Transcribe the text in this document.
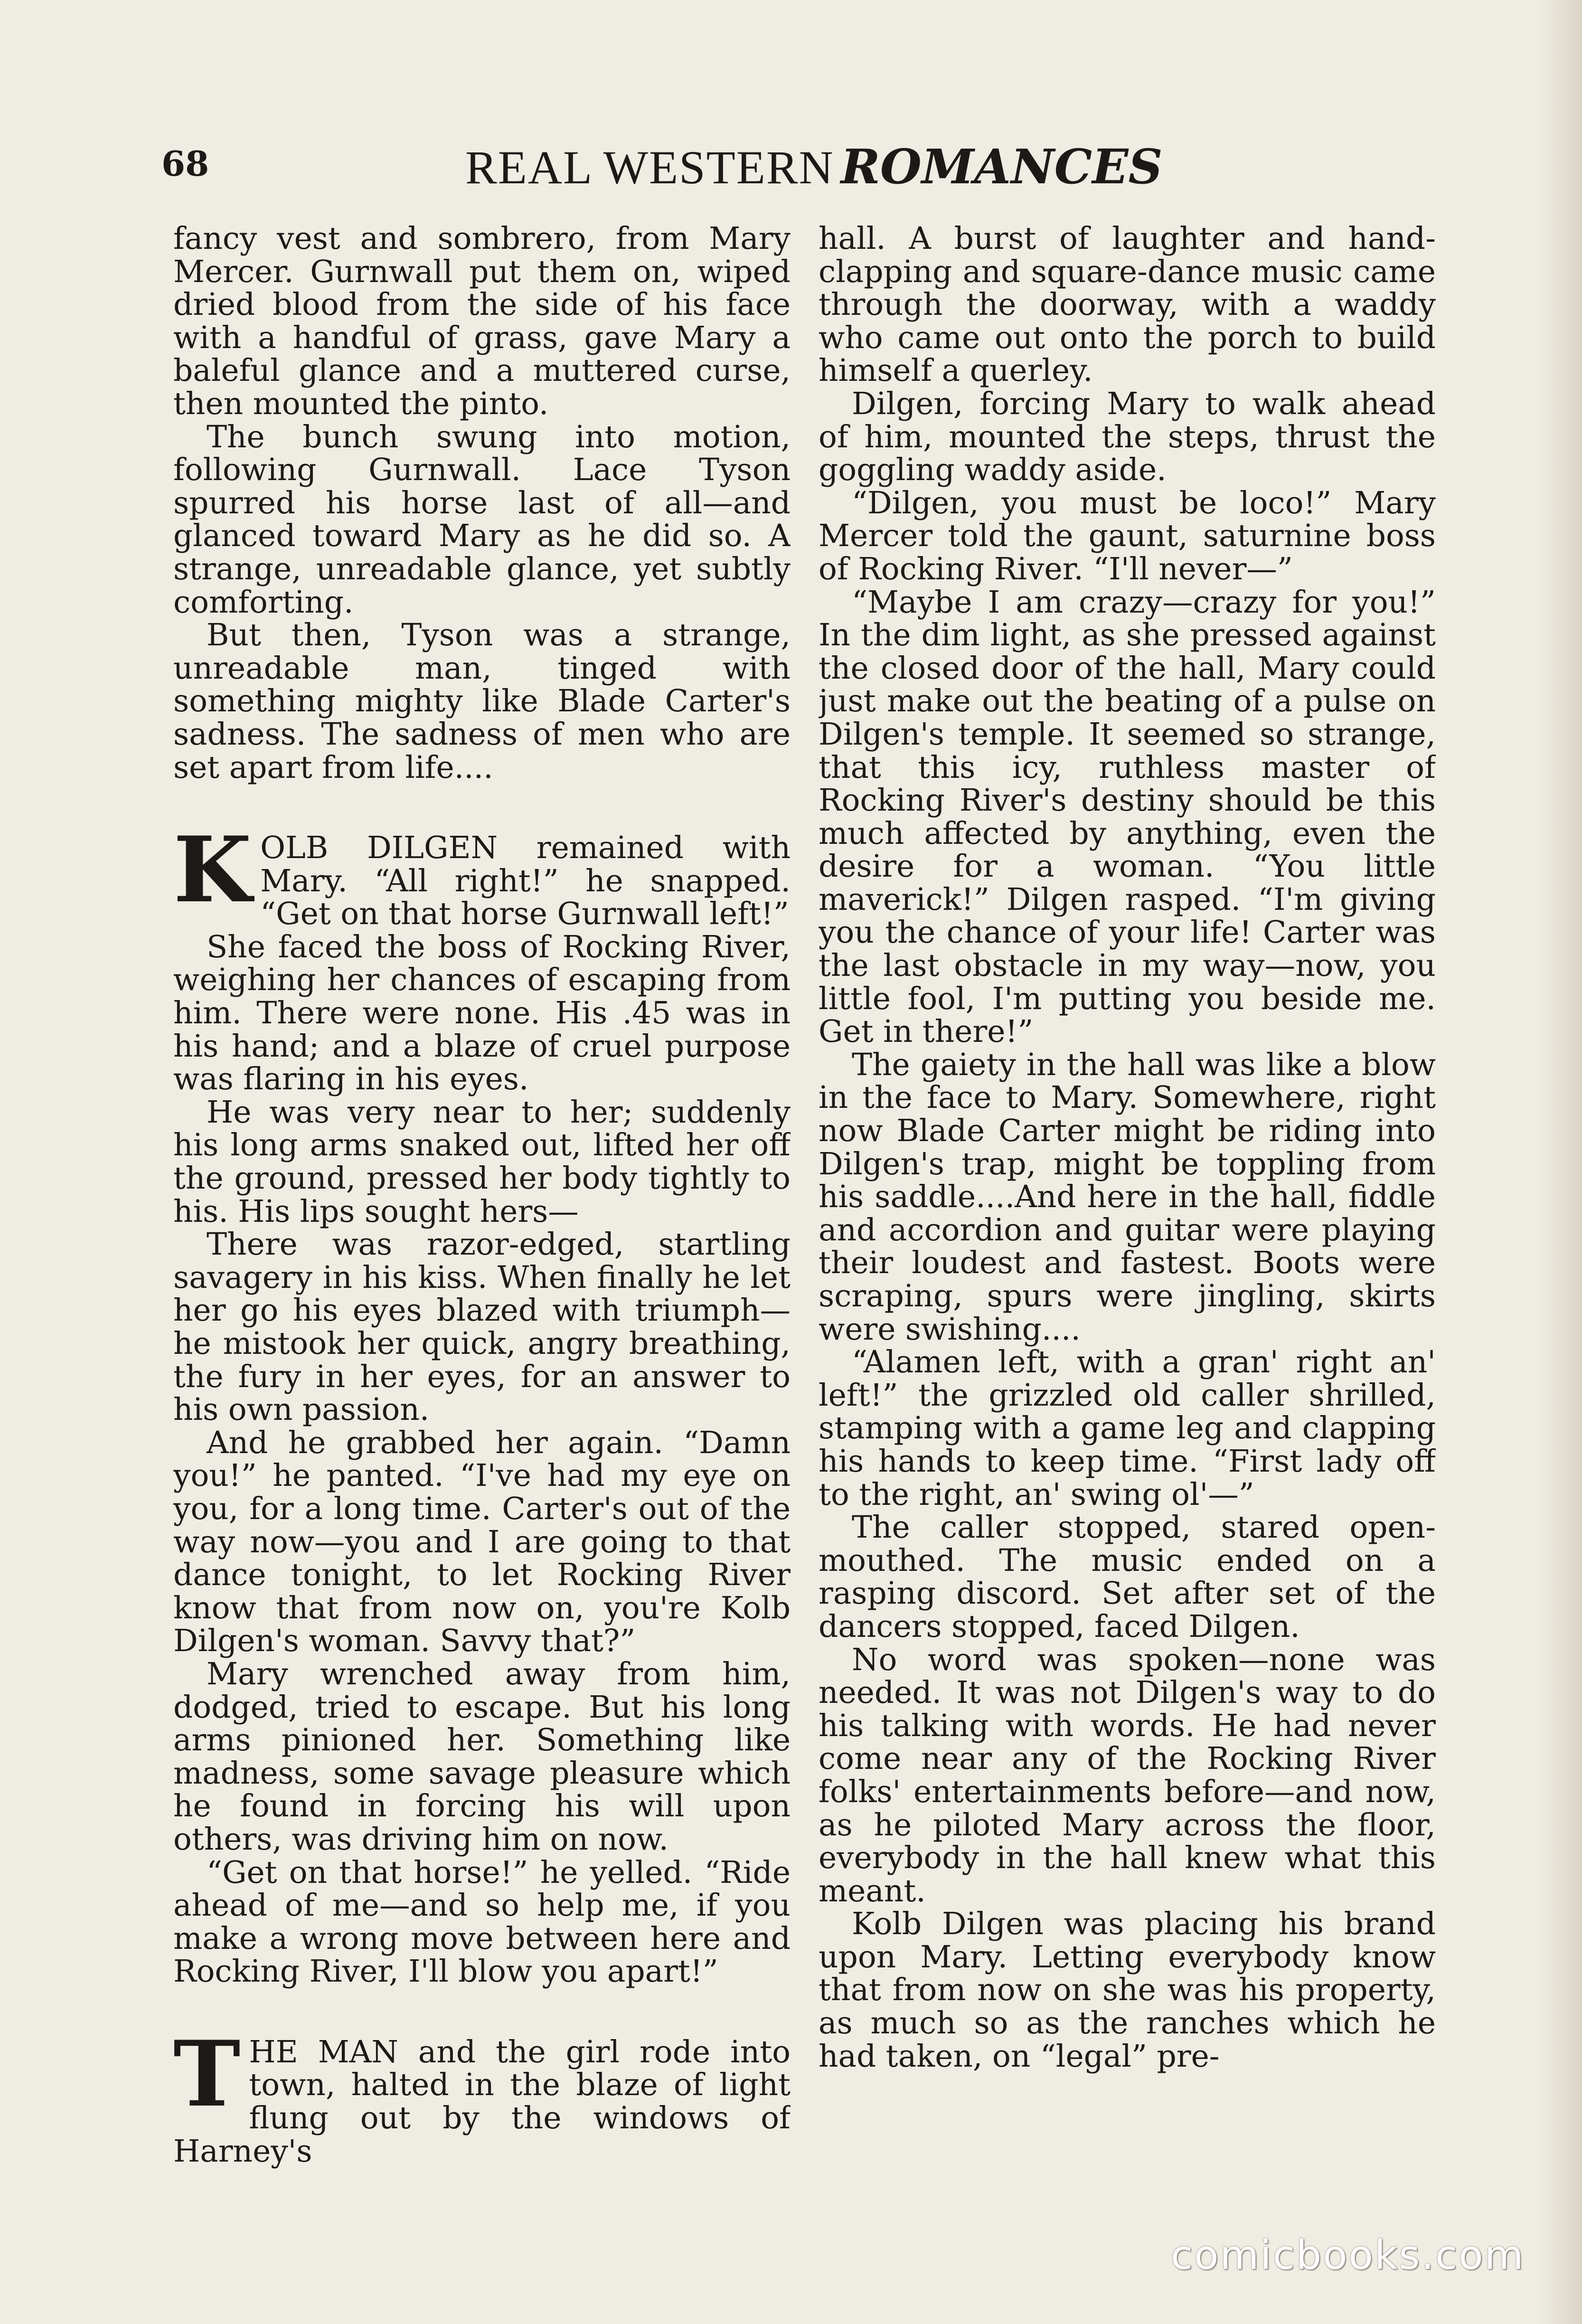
68	REAL WESTERN ROMANCES

fancy vest and sombrero, from Mary Mercer. Gurnwall put them on, wiped dried blood from the side of his face with a handful of grass, gave Mary a baleful glance and a muttered curse, then mounted the pinto.

The bunch swung into motion, following Gurnwall. Lace Tyson spurred his horse last of all—and glanced toward Mary as he did so. A strange, unreadable glance, yet subtly comforting.

But then, Tyson was a strange, unreadable man, tinged with something mighty like Blade Carter's sadness. The sadness of men who are set apart from life....

KOLB DILGEN remained with Mary. “All right!” he snapped. “Get on that horse Gurnwall left!”

She faced the boss of Rocking River, weighing her chances of escaping from him. There were none. His .45 was in his hand; and a blaze of cruel purpose was flaring in his eyes.

He was very near to her; suddenly his long arms snaked out, lifted her off the ground, pressed her body tightly to his. His lips sought hers—

There was razor-edged, startling savagery in his kiss. When finally he let her go his eyes blazed with triumph—he mistook her quick, angry breathing, the fury in her eyes, for an answer to his own passion.

And he grabbed her again. “Damn you!” he panted. “I've had my eye on you, for a long time. Carter's out of the way now—you and I are going to that dance tonight, to let Rocking River know that from now on, you're Kolb Dilgen's woman. Savvy that?”

Mary wrenched away from him, dodged, tried to escape. But his long arms pinioned her. Something like madness, some savage pleasure which he found in forcing his will upon others, was driving him on now.

“Get on that horse!” he yelled. “Ride ahead of me—and so help me, if you make a wrong move between here and Rocking River, I'll blow you apart!”

THE MAN and the girl rode into town, halted in the blaze of light flung out by the windows of Harney's

hall. A burst of laughter and hand-clapping and square-dance music came through the doorway, with a waddy who came out onto the porch to build himself a querley.

Dilgen, forcing Mary to walk ahead of him, mounted the steps, thrust the goggling waddy aside.

“Dilgen, you must be loco!” Mary Mercer told the gaunt, saturnine boss of Rocking River. “I'll never—”

“Maybe I am crazy—crazy for you!” In the dim light, as she pressed against the closed door of the hall, Mary could just make out the beating of a pulse on Dilgen's temple. It seemed so strange, that this icy, ruthless master of Rocking River's destiny should be this much affected by anything, even the desire for a woman. “You little maverick!” Dilgen rasped. “I'm giving you the chance of your life! Carter was the last obstacle in my way—now, you little fool, I'm putting you beside me. Get in there!”

The gaiety in the hall was like a blow in the face to Mary. Somewhere, right now Blade Carter might be riding into Dilgen's trap, might be toppling from his saddle....And here in the hall, fiddle and accordion and guitar were playing their loudest and fastest. Boots were scraping, spurs were jingling, skirts were swishing....

“Alamen left, with a gran' right an' left!” the grizzled old caller shrilled, stamping with a game leg and clapping his hands to keep time. “First lady off to the right, an' swing ol'—”

The caller stopped, stared open-mouthed. The music ended on a rasping discord. Set after set of the dancers stopped, faced Dilgen.

No word was spoken—none was needed. It was not Dilgen's way to do his talking with words. He had never come near any of the Rocking River folks' entertainments before—and now, as he piloted Mary across the floor, everybody in the hall knew what this meant.

Kolb Dilgen was placing his brand upon Mary. Letting everybody know that from now on she was his property, as much so as the ranches which he had taken, on “legal” pre-

comicbooks.com
